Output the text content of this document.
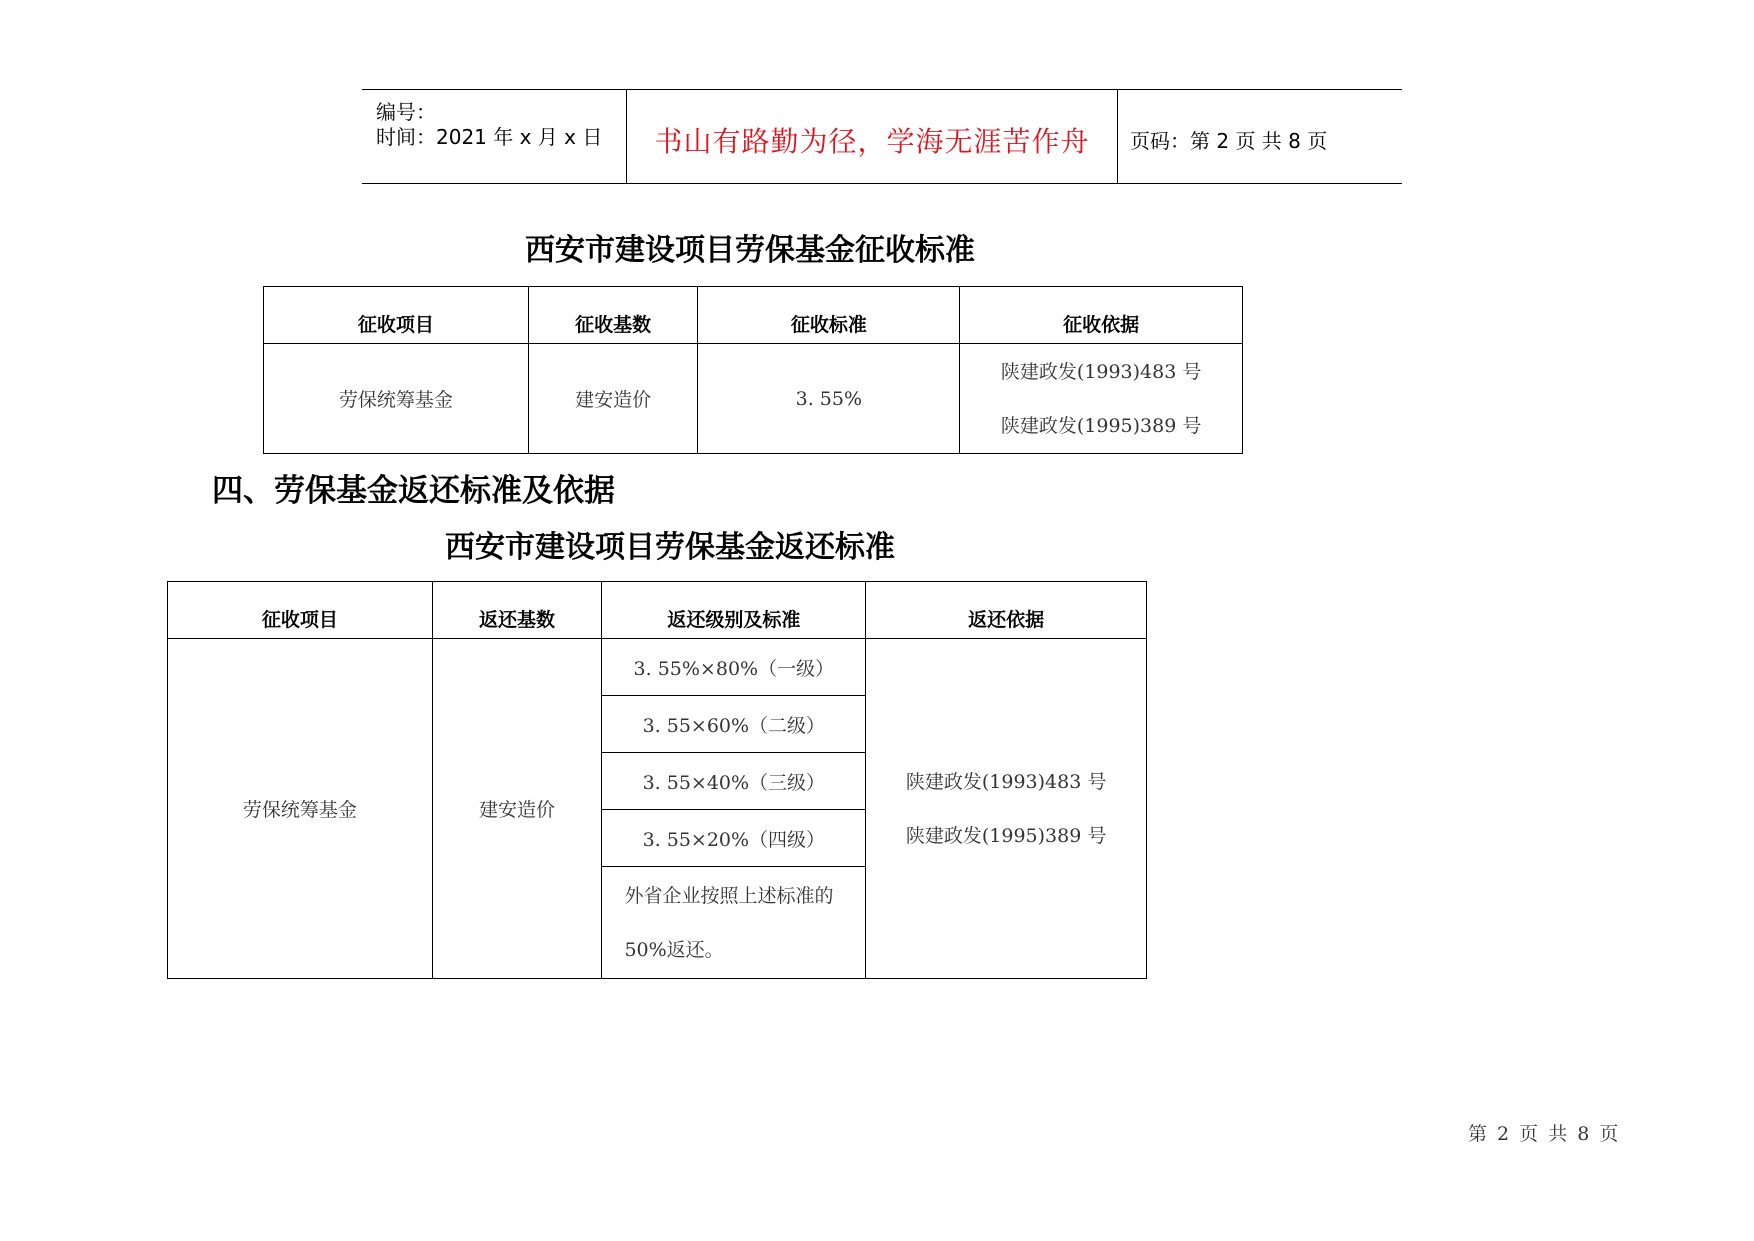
编号：
时间：2021 年 x 月 x 日	书山有路勤为径，学海无涯苦作舟	页码：第 2 页 共 8 页
西安市建设项目劳保基金征收标准
征收项目	征收基数	征收标准	征收依据
劳保统筹基金	建安造价	3. 55%	陕建政发(1993)483 号
陕建政发(1995)389 号
四、劳保基金返还标准及依据
西安市建设项目劳保基金返还标准
征收项目	返还基数	返还级别及标准	返还依据
劳保统筹基金	建安造价	3. 55%×80%（一级）	陕建政发(1993)483 号
陕建政发(1995)389 号

		3. 55×60%（二级）	
		3. 55×40%（三级）	
		3. 55×20%（四级）	
		外省企业按照上述标准的50%返还。	
第 2 页 共 8 页
